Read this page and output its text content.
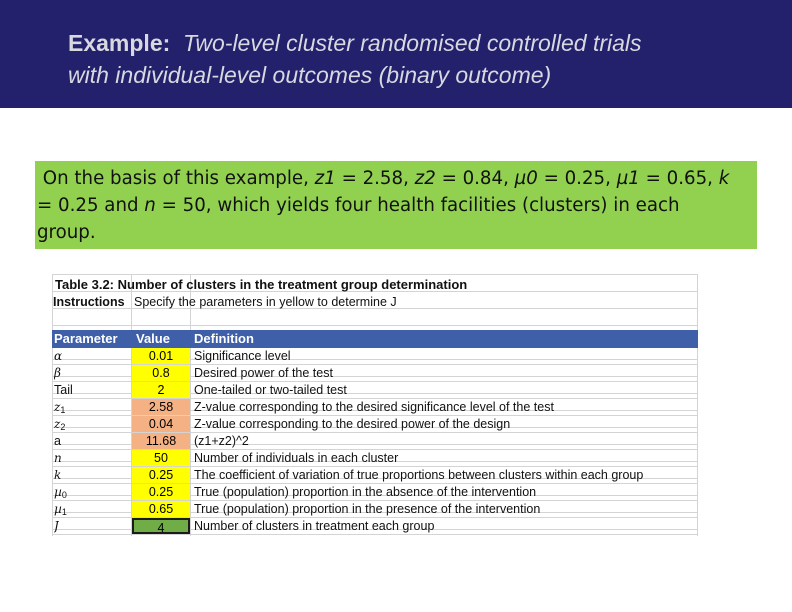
Example: Two-level cluster randomised controlled trials
with individual-level outcomes (binary outcome)
On the basis of this example, z1 = 2.58, z2 = 0.84, µ0 = 0.25, µ1 = 0.65, k
= 0.25 and n = 50, which yields four health facilities (clusters) in each
group.
Table 3.2: Number of clusters in the treatment group determination
Instructions Specify the parameters in yellow to determine J
Parameter Value Definition
α	0.01	Significance level
β	0.8	Desired power of the test
Tail	2	One-tailed or two-tailed test
$z_1$	2.58	Z-value corresponding to the desired significance level of the test
$z_2$	0.04	Z-value corresponding to the desired power of the design
a	11.68	(z1+z2)^2
n	50	Number of individuals in each cluster
k	0.25	The coefficient of variation of true proportions between clusters within each group
µ$_0$	0.25	True (population) proportion in the absence of the intervention
µ$_1$	0.65	True (population) proportion in the presence of the intervention
J	4	Number of clusters in treatment each group
